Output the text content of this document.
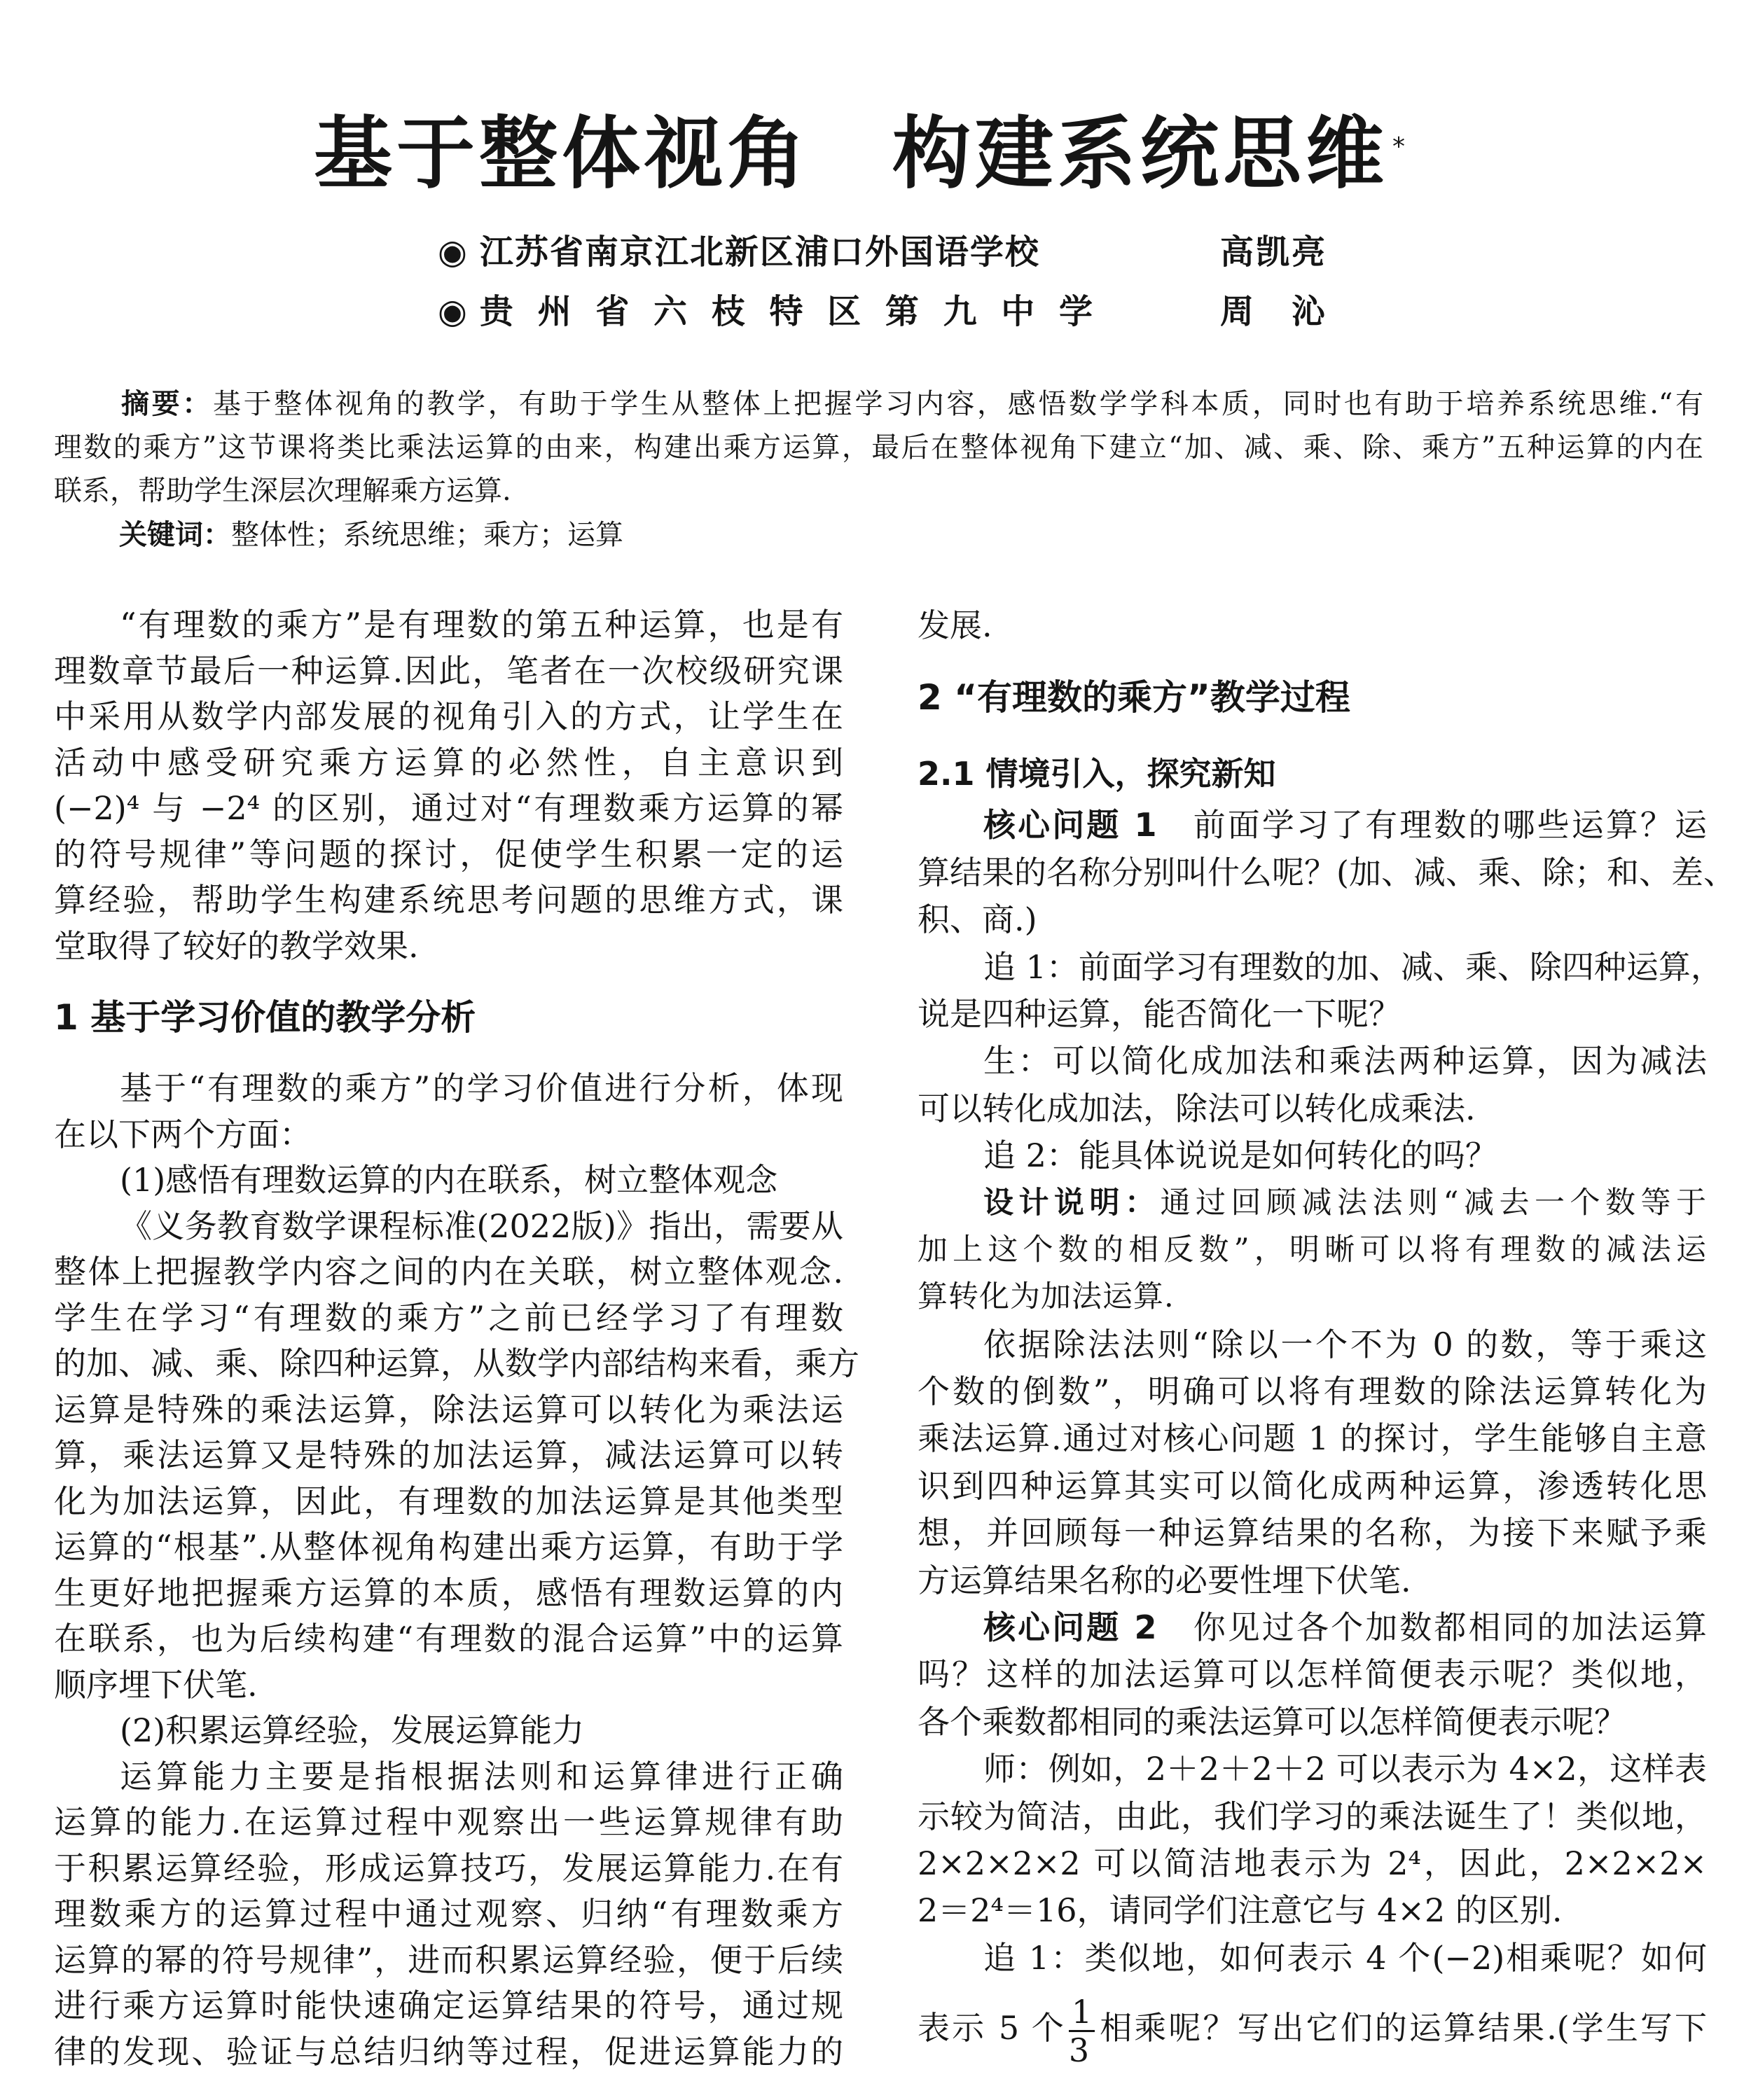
基于整体视角　构建系统思维 *
◉ 江苏省南京江北新区浦口外国语学校	高凯亮
◉ 贵 州 省 六 枝 特 区 第 九 中 学	周　沁
摘要：基于整体视角的教学，有助于学生从整体上把握学习内容，感悟数学学科本质，同时也有助于培养系统思维.“有
理数的乘方”这节课将类比乘法运算的由来，构建出乘方运算，最后在整体视角下建立“加、减、乘、除、乘方”五种运算的内在
联系，帮助学生深层次理解乘方运算.
关键词：整体性；系统思维；乘方；运算
“有理数的乘方”是有理数的第五种运算，也是有
理数章节最后一种运算.因此，笔者在一次校级研究课
中采用从数学内部发展的视角引入的方式，让学生在
活动中感受研究乘方运算的必然性，自主意识到
(−2)⁴ 与 −2⁴ 的区别，通过对“有理数乘方运算的幂
的符号规律”等问题的探讨，促使学生积累一定的运
算经验，帮助学生构建系统思考问题的思维方式，课
堂取得了较好的教学效果.
1 基于学习价值的教学分析
基于“有理数的乘方”的学习价值进行分析，体现
在以下两个方面：
(1)感悟有理数运算的内在联系，树立整体观念
《义务教育数学课程标准(2022版)》指出，需要从
整体上把握教学内容之间的内在关联，树立整体观念.
学生在学习“有理数的乘方”之前已经学习了有理数
的加、减、乘、除四种运算，从数学内部结构来看，乘方
运算是特殊的乘法运算，除法运算可以转化为乘法运
算，乘法运算又是特殊的加法运算，减法运算可以转
化为加法运算，因此，有理数的加法运算是其他类型
运算的“根基”.从整体视角构建出乘方运算，有助于学
生更好地把握乘方运算的本质，感悟有理数运算的内
在联系，也为后续构建“有理数的混合运算”中的运算
顺序埋下伏笔.
(2)积累运算经验，发展运算能力
运算能力主要是指根据法则和运算律进行正确
运算的能力.在运算过程中观察出一些运算规律有助
于积累运算经验，形成运算技巧，发展运算能力.在有
理数乘方的运算过程中通过观察、归纳“有理数乘方
运算的幂的符号规律”，进而积累运算经验，便于后续
进行乘方运算时能快速确定运算结果的符号，通过规
律的发现、验证与总结归纳等过程，促进运算能力的
发展.
2 “有理数的乘方”教学过程
2.1 情境引入，探究新知
核心问题 1　前面学习了有理数的哪些运算？运
算结果的名称分别叫什么呢？(加、减、乘、除；和、差、
积、商.)
追 1：前面学习有理数的加、减、乘、除四种运算，
说是四种运算，能否简化一下呢？
生：可以简化成加法和乘法两种运算，因为减法
可以转化成加法，除法可以转化成乘法.
追 2：能具体说说是如何转化的吗？
设计说明：通过回顾减法法则“减去一个数等于
加上这个数的相反数”，明晰可以将有理数的减法运
算转化为加法运算.
依据除法法则“除以一个不为 0 的数，等于乘这
个数的倒数”，明确可以将有理数的除法运算转化为
乘法运算.通过对核心问题 1 的探讨，学生能够自主意
识到四种运算其实可以简化成两种运算，渗透转化思
想，并回顾每一种运算结果的名称，为接下来赋予乘
方运算结果名称的必要性埋下伏笔.
核心问题 2　你见过各个加数都相同的加法运算
吗？这样的加法运算可以怎样简便表示呢？类似地，
各个乘数都相同的乘法运算可以怎样简便表示呢？
师：例如，2＋2＋2＋2 可以表示为 4×2，这样表
示较为简洁，由此，我们学习的乘法诞生了！类似地，
2×2×2×2 可以简洁地表示为 2⁴，因此，2×2×2×
2＝2⁴＝16，请同学们注意它与 4×2 的区别.
追 1：类似地，如何表示 4 个(−2)相乘呢？如何
表示 5 个 $\frac{1}{3}$ 相乘呢？写出它们的运算结果.(学生写下
